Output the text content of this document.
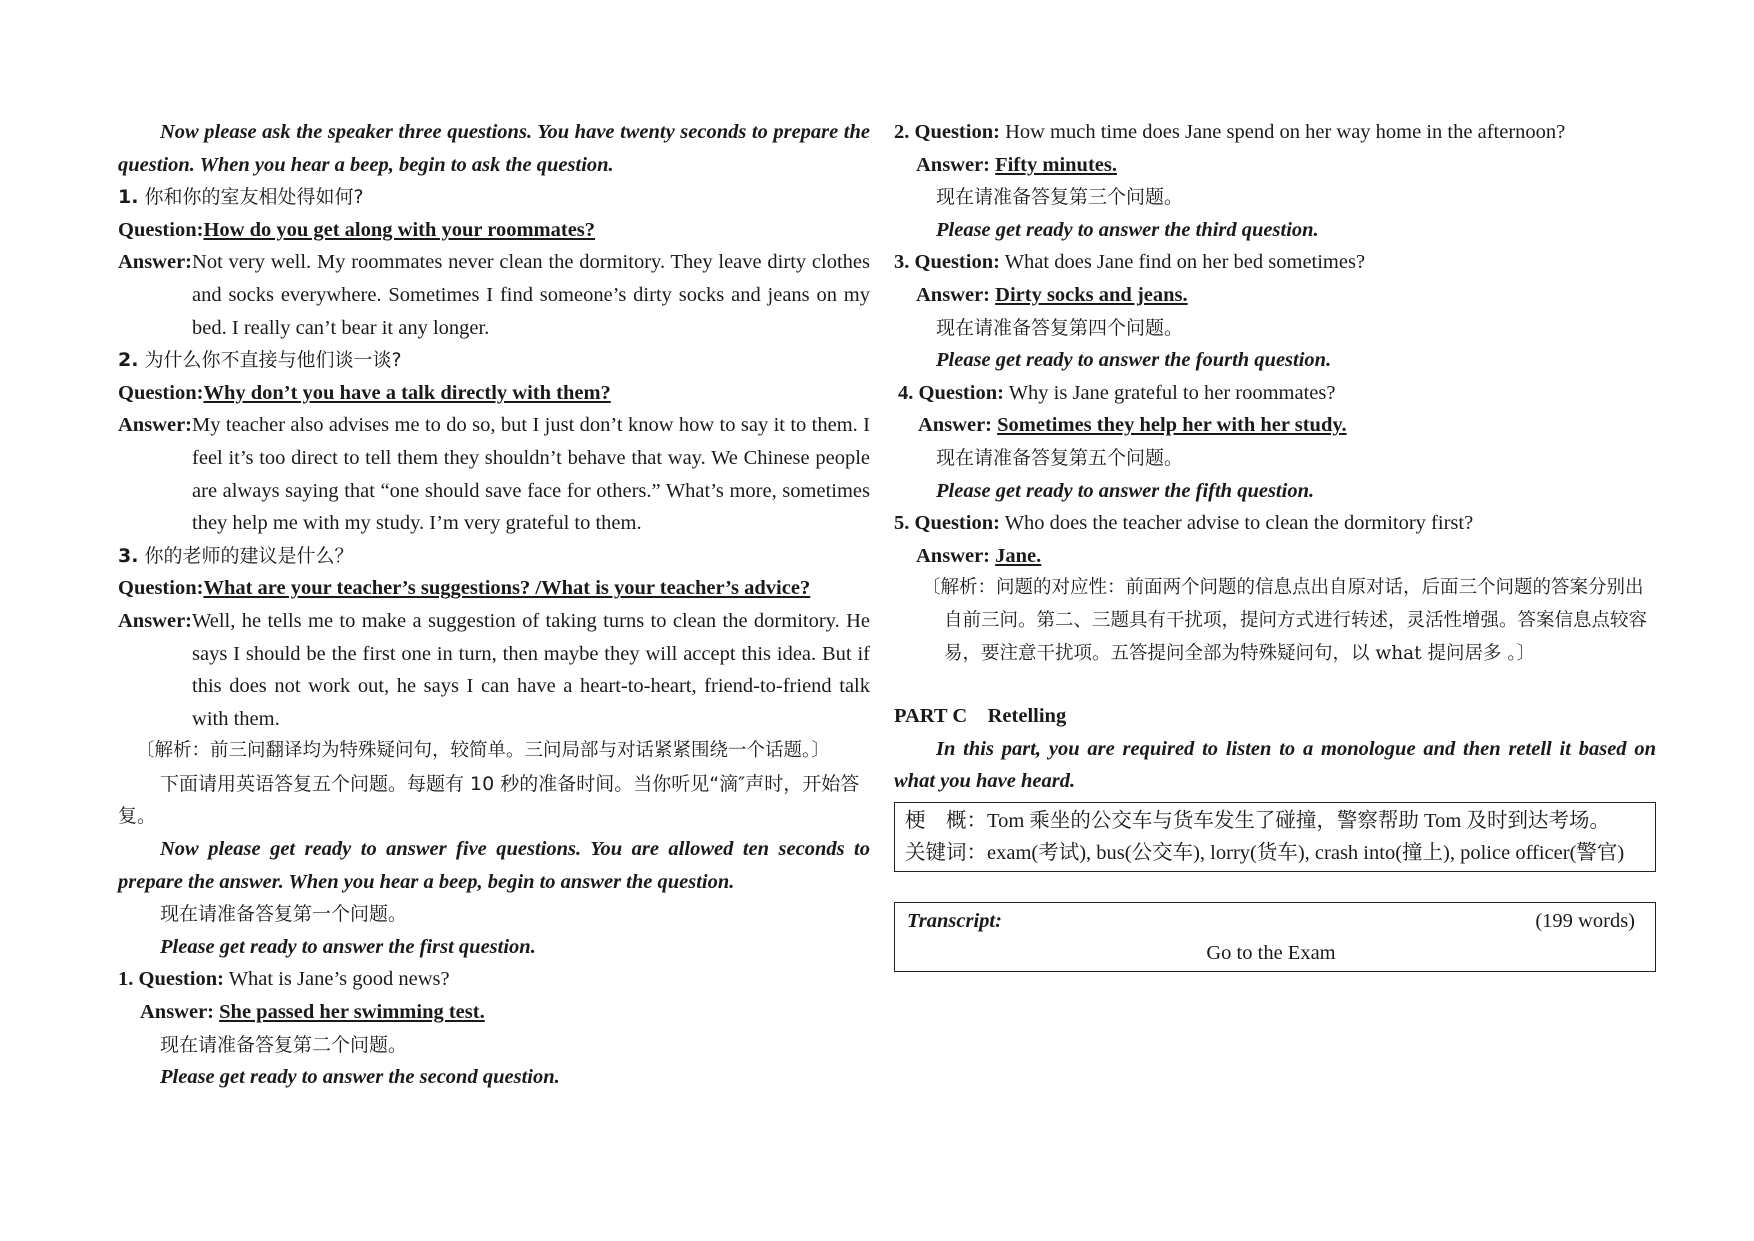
Now please ask the speaker three questions. You have twenty seconds to prepare the question. When you hear a beep, begin to ask the question.

1. 你和你的室友相处得如何?

Question: How do you get along with your roommates?
Answer: Not very well. My roommates never clean the dormitory. They leave dirty clothes and socks everywhere. Sometimes I find someone’s dirty socks and jeans on my bed. I really can’t bear it any longer.

2. 为什么你不直接与他们谈一谈?

Question: Why don’t you have a talk directly with them?
Answer: My teacher also advises me to do so, but I just don’t know how to say it to them. I feel it’s too direct to tell them they shouldn’t behave that way. We Chinese people are always saying that “one should save face for others.” What’s more, sometimes they help me with my study. I’m very grateful to them.

3. 你的老师的建议是什么？

Question: What are your teacher’s suggestions? /What is your teacher’s advice?
Answer: Well, he tells me to make a suggestion of taking turns to clean the dormitory. He says I should be the first one in turn, then maybe they will accept this idea. But if this does not work out, he says I can have a heart-to-heart, friend-to-friend talk with them.

〔解析：前三问翻译均为特殊疑问句，较简单。三问局部与对话紧紧围绕一个话题。〕

下面请用英语答复五个问题。每题有 10 秒的准备时间。当你听见“滴″声时，开始答复。

Now please get ready to answer five questions. You are allowed ten seconds to prepare the answer. When you hear a beep, begin to answer the question.

现在请准备答复第一个问题。

Please get ready to answer the first question.

1. Question: What is Jane’s good news?

Answer: She passed her swimming test.

现在请准备答复第二个问题。

Please get ready to answer the second question.

2. Question: How much time does Jane spend on her way home in the afternoon?

Answer: Fifty minutes.

现在请准备答复第三个问题。

Please get ready to answer the third question.

3. Question: What does Jane find on her bed sometimes?

Answer: Dirty socks and jeans.

现在请准备答复第四个问题。

Please get ready to answer the fourth question.

4. Question: Why is Jane grateful to her roommates?

Answer: Sometimes they help her with her study.

现在请准备答复第五个问题。

Please get ready to answer the fifth question.

5. Question: Who does the teacher advise to clean the dormitory first?

Answer: Jane.

〔解析：问题的对应性：前面两个问题的信息点出自原对话，后面三个问题的答案分别出自前三问。第二、三题具有干扰项，提问方式进行转述，灵活性增强。答案信息点较容易，要注意干扰项。五答提问全部为特殊疑问句，以 what 提问居多 。〕

PART C　Retelling

In this part, you are required to listen to a monologue and then retell it based on what you have heard.

梗　概：Tom 乘坐的公交车与货车发生了碰撞，警察帮助 Tom 及时到达考场。
关键词：exam(考试), bus(公交车), lorry(货车), crash into(撞上), police officer(警官)
Transcript:	(199 words)
Go to the Exam
